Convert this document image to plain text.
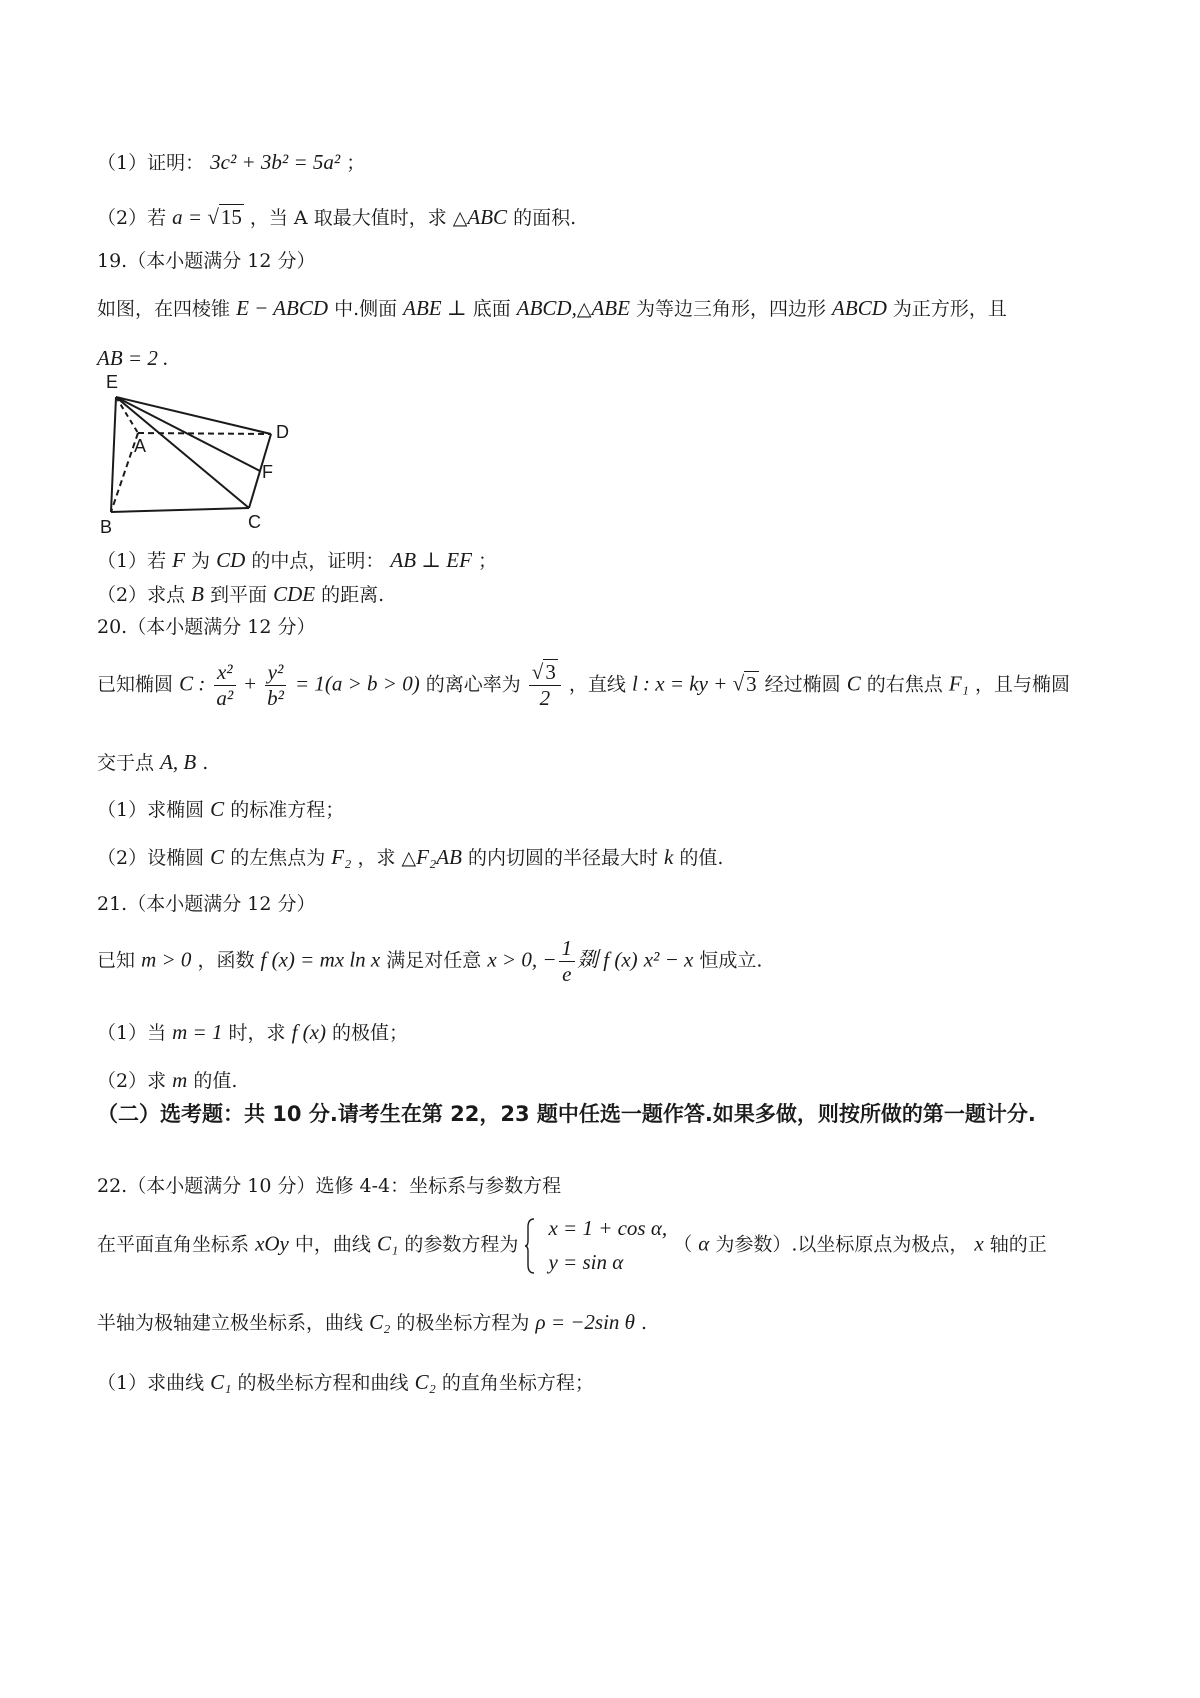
（1）证明： 3c² + 3b² = 5a² ；
（2）若 a = √15 ，当 A 取最大值时，求 △ABC 的面积.
19.（本小题满分 12 分）
如图，在四棱锥 E − ABCD 中.侧面 ABE ⊥ 底面 ABCD,△ABE 为等边三角形，四边形 ABCD 为正方形，且
AB = 2 .
E
A
D
F
B	C
（1）若 F 为 CD 的中点，证明： AB ⊥ EF ；
（2）求点 B 到平面 CDE 的距离.
20.（本小题满分 12 分）
已知椭圆 C : $\frac{\text{x²}}{\text{a²}} + \frac{\text{y²}}{\text{b²}} = 1(a > b > 0)$ 的离心率为 $\frac{√3}{2}$ ，直线 l : x = ky + √3 经过椭圆 C 的右焦点 F₁ ，且与椭圆
交于点 A, B .
（1）求椭圆 C 的标准方程；
（2）设椭圆 C 的左焦点为 F₂ ，求 △F₂AB 的内切圆的半径最大时 k 的值.
21.（本小题满分 12 分）
已知 m > 0 ，函数 f (x) = mx ln x 满足对任意 x > 0, − $\frac{1}{e}$ 剟 f (x) x² − x 恒成立.
（1）当 m = 1 时，求 f (x) 的极值；
（2）求 m 的值.
（二）选考题：共 10 分.请考生在第 22，23 题中任选一题作答.如果多做，则按所做的第一题计分.
22.（本小题满分 10 分）选修 4-4：坐标系与参数方程
在平面直角坐标系 xOy 中，曲线 C₁ 的参数方程为
x = 1 + cos α,
y = sin α
（ α 为参数）.以坐标原点为极点， x 轴的正
半轴为极轴建立极坐标系，曲线 C₂ 的极坐标方程为 ρ = −2sin θ .
（1）求曲线 C₁ 的极坐标方程和曲线 C₂ 的直角坐标方程；
